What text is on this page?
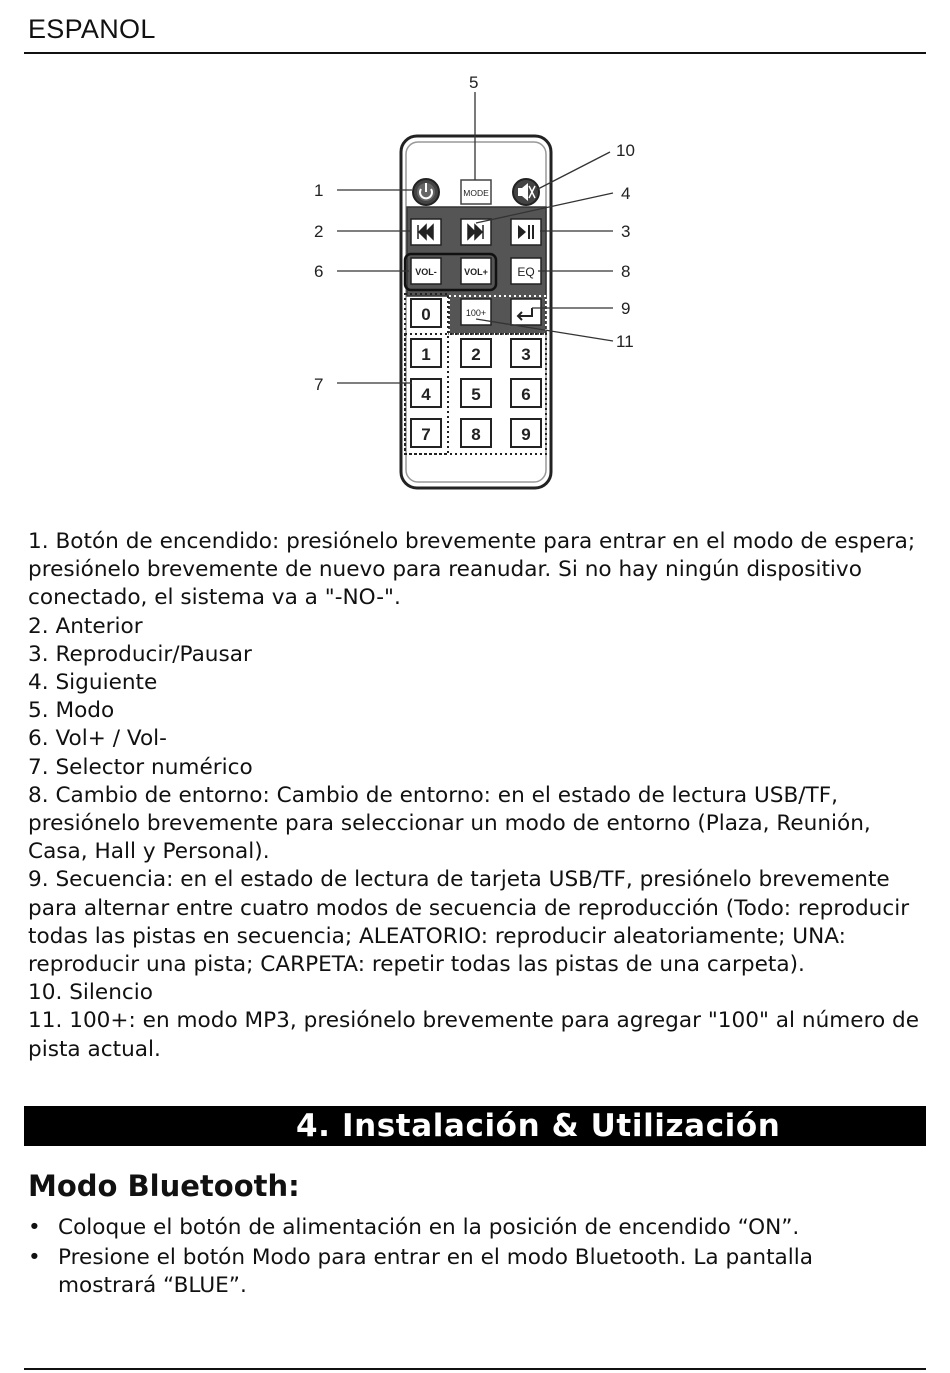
ESPANOL
MODE
VOL-	VOL+ EQ
100+
0
1 2 3
4 5 6
7 8 9
1
2	3
4
5
6
7
8
9
10
11

1. Botón de encendido: presiónelo brevemente para entrar en el modo de espera; presiónelo brevemente de nuevo para reanudar. Si no hay ningún dispositivo conectado, el sistema va a "-NO-".

2. Anterior

3. Reproducir/Pausar

4. Siguiente

5. Modo

6. Vol+ / Vol-

7. Selector numérico

8. Cambio de entorno: Cambio de entorno: en el estado de lectura USB/TF, presiónelo brevemente para seleccionar un modo de entorno (Plaza, Reunión, Casa, Hall y Personal).

9. Secuencia: en el estado de lectura de tarjeta USB/TF, presiónelo brevemente para alternar entre cuatro modos de secuencia de reproducción (Todo: reproducir todas las pistas en secuencia; ALEATORIO: reproducir aleatoriamente; UNA: reproducir una pista; CARPETA: repetir todas las pistas de una carpeta).

10. Silencio

11. 100+: en modo MP3, presiónelo brevemente para agregar "100" al número de pista actual.

4. Instalación & Utilización
Modo Bluetooth:
• Coloque el botón de alimentación en la posición de encendido “ON”.
• Presione el botón Modo para entrar en el modo Bluetooth. La pantalla mostrará “BLUE”.
